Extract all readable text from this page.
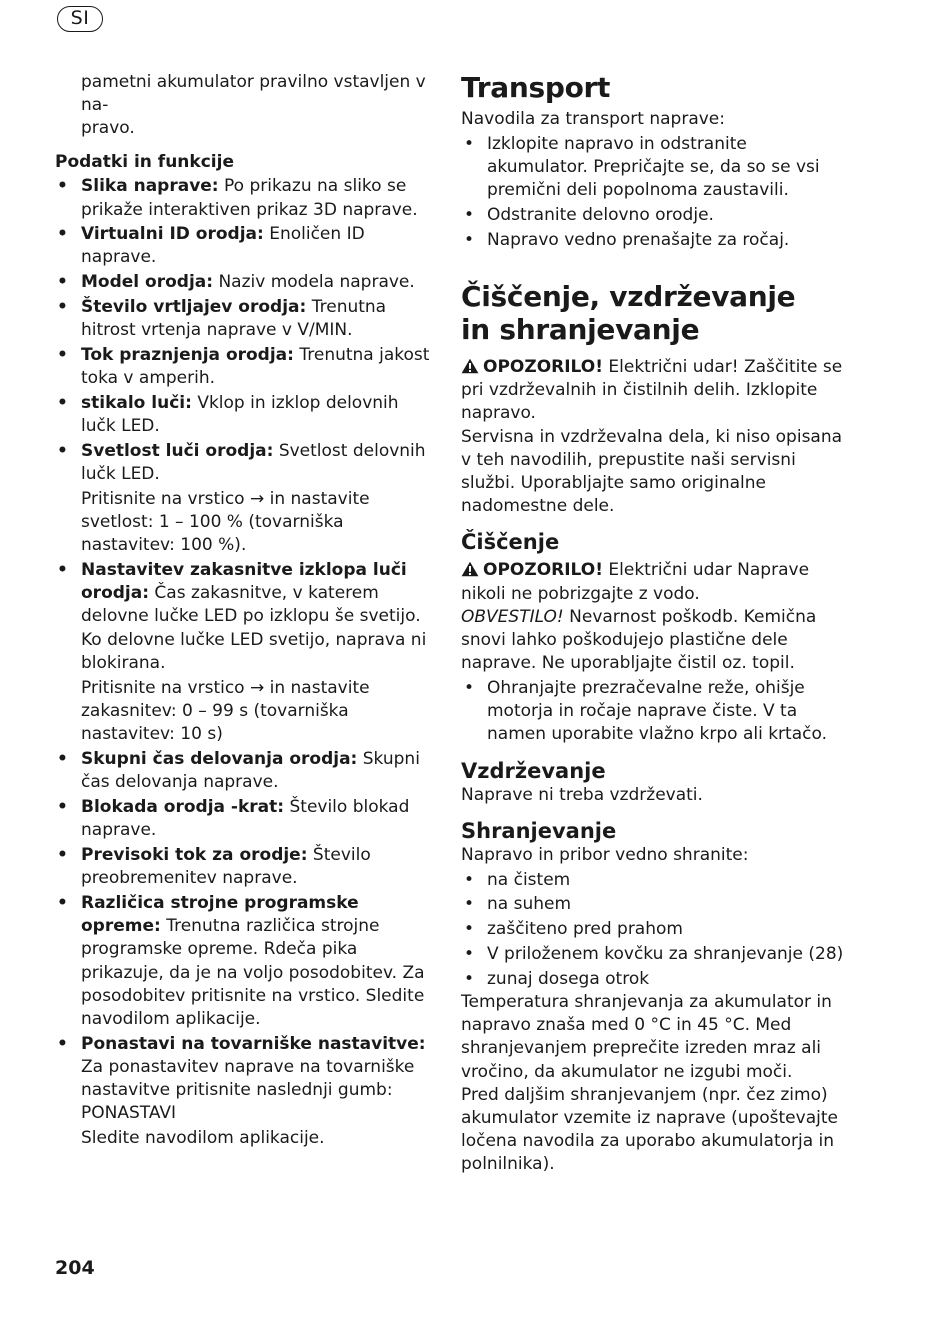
SI

pametni akumulator pravilno vstavljen v na-
pravo.

Podatki in funkcije

• Slika naprave: Po prikazu na sliko se prikaže interaktiven prikaz 3D naprave.
• Virtualni ID orodja: Enoličen ID naprave.
• Model orodja: Naziv modela naprave.
• Število vrtljajev orodja: Trenutna hitrost vrtenja naprave v V/MIN.
• Tok praznjenja orodja: Trenutna jakost toka v amperih.
• stikalo luči: Vklop in izklop delovnih lučk LED.
• Svetlost luči orodja: Svetlost delovnih lučk LED.

Pritisnite na vrstico → in nastavite svetlost: 1 – 100 % (tovarniška nastavitev: 100 %).

• Nastavitev zakasnitve izklopa luči orodja: Čas zakasnitve, v katerem delovne lučke LED po izklopu še svetijo. Ko delovne lučke LED svetijo, naprava ni blokirana.

Pritisnite na vrstico → in nastavite zakasnitev: 0 – 99 s (tovarniška nastavitev: 10 s)

• Skupni čas delovanja orodja: Skupni čas delovanja naprave.
• Blokada orodja -krat: Število blokad naprave.
• Previsoki tok za orodje: Število preobremenitev naprave.
• Različica strojne programske opreme: Trenutna različica strojne programske opreme. Rdeča pika prikazuje, da je na voljo posodobitev. Za posodobitev pritisnite na vrstico. Sledite navodilom aplikacije.
• Ponastavi na tovarniške nastavitve: Za ponastavitev naprave na tovarniške nastavitve pritisnite naslednji gumb: PONASTAVI

Sledite navodilom aplikacije.

Transport

Navodila za transport naprave:

• Izklopite napravo in odstranite akumulator. Prepričajte se, da so se vsi premični deli popolnoma zaustavili.
• Odstranite delovno orodje.
• Napravo vedno prenašajte za ročaj.
Čiščenje, vzdrževanje
in shranjevanje

OPOZORILO! Električni udar! Zaščitite se pri vzdrževalnih in čistilnih delih. Izklopite napravo.

Servisna in vzdrževalna dela, ki niso opisana v teh navodilih, prepustite naši servisni službi. Uporabljajte samo originalne nadomestne dele.

Čiščenje

OPOZORILO! Električni udar Naprave nikoli ne pobrizgajte z vodo.

OBVESTILO! Nevarnost poškodb. Kemična snovi lahko poškodujejo plastične dele naprave. Ne uporabljajte čistil oz. topil.

• Ohranjajte prezračevalne reže, ohišje motorja in ročaje naprave čiste. V ta namen uporabite vlažno krpo ali krtačo.
Vzdrževanje

Naprave ni treba vzdrževati.

Shranjevanje

Napravo in pribor vedno shranite:

• na čistem
• na suhem
• zaščiteno pred prahom
• V priloženem kovčku za shranjevanje (28)
• zunaj dosega otrok

Temperatura shranjevanja za akumulator in napravo znaša med 0 °C in 45 °C. Med shranjevanjem preprečite izreden mraz ali vročino, da akumulator ne izgubi moči.

Pred daljšim shranjevanjem (npr. čez zimo) akumulator vzemite iz naprave (upoštevajte ločena navodila za uporabo akumulatorja in polnilnika).

204
